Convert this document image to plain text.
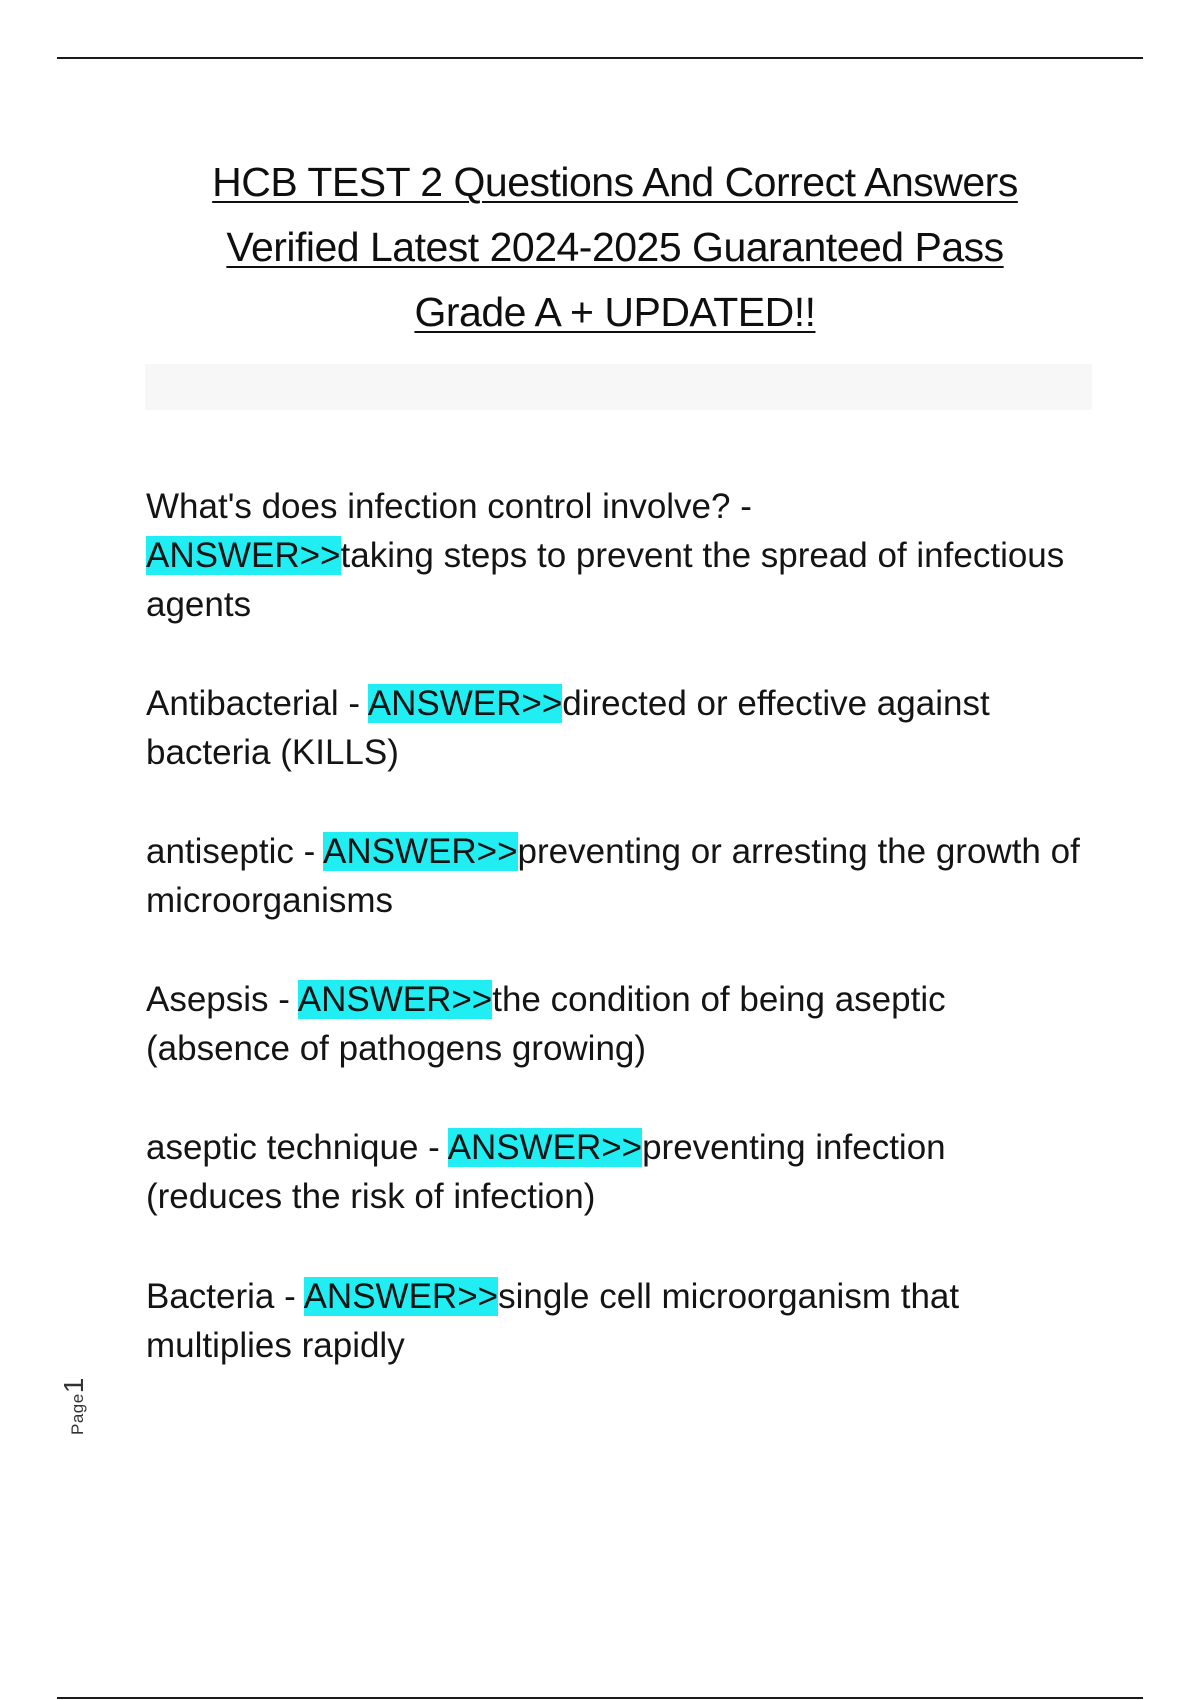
HCB TEST 2 Questions And Correct Answers
Verified Latest 2024-2025 Guaranteed Pass
Grade A + UPDATED!!
What's does infection control involve? -
ANSWER>>taking steps to prevent the spread of infectious agents
Antibacterial - ANSWER>>directed or effective against bacteria (KILLS)
antiseptic - ANSWER>>preventing or arresting the growth of microorganisms
Asepsis - ANSWER>>the condition of being aseptic (absence of pathogens growing)
aseptic technique - ANSWER>>preventing infection (reduces the risk of infection)
Bacteria - ANSWER>>single cell microorganism that multiplies rapidly
Page1
